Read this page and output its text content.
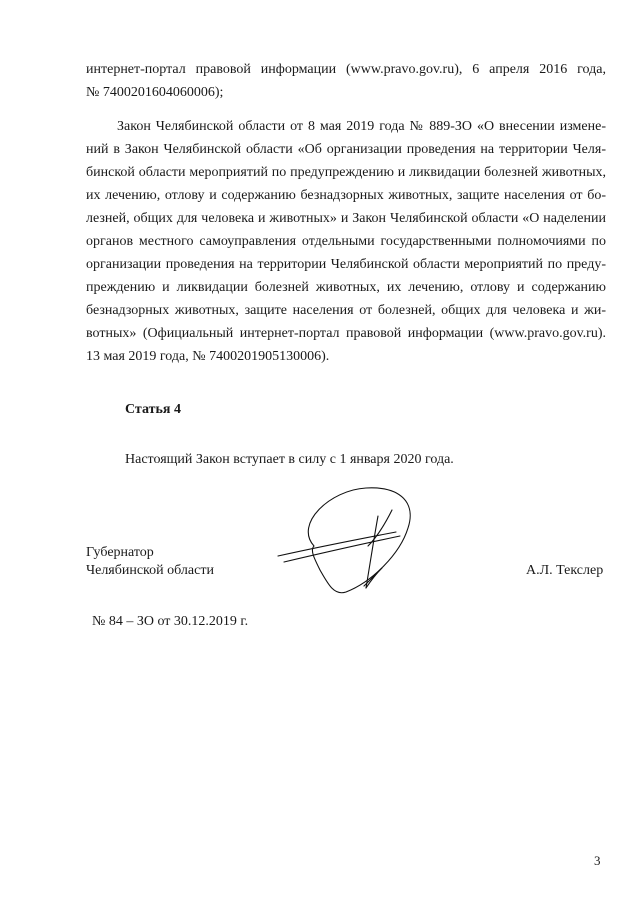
интернет-портал правовой информации (www.pravo.gov.ru), 6 апреля 2016 года,

№ 7400201604060006);

Закон Челябинской области от 8 мая 2019 года № 889-ЗО «О внесении измене-

ний в Закон Челябинской области «Об организации проведения на территории Челя-

бинской области мероприятий по предупреждению и ликвидации болезней животных,

их лечению, отлову и содержанию безнадзорных животных, защите населения от бо-

лезней, общих для человека и животных» и Закон Челябинской области «О наделении

органов местного самоуправления отдельными государственными полномочиями по

организации проведения на территории Челябинской области мероприятий по преду-

преждению и ликвидации болезней животных, их лечению, отлову и содержанию

безнадзорных животных, защите населения от болезней, общих для человека и жи-

вотных» (Официальный интернет-портал правовой информации (www.pravo.gov.ru).

13 мая 2019 года, № 7400201905130006).

Статья 4

Настоящий Закон вступает в силу с 1 января 2020 года.

Губернатор

Челябинской области	А.Л. Текслер

№ 84 – ЗО от 30.12.2019 г.

3
